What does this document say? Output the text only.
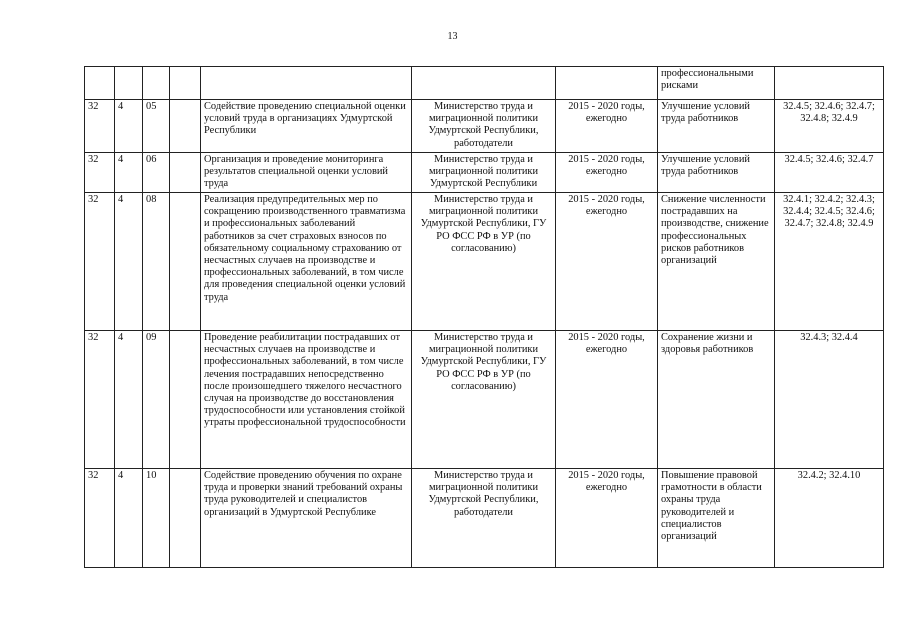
13
							профессиональными рисками	
32	4	05		Содействие проведению специальной оценки условий труда в организациях Удмуртской Республики	Министерство труда и миграционной политики Удмуртской Республики, работодатели	2015 - 2020 годы, ежегодно	Улучшение условий труда работников	32.4.5; 32.4.6; 32.4.7; 32.4.8; 32.4.9
32	4	06		Организация и проведение мониторинга результатов специальной оценки условий труда	Министерство труда и миграционной политики Удмуртской Республики	2015 - 2020 годы, ежегодно	Улучшение условий труда работников	32.4.5; 32.4.6; 32.4.7
32	4	08		Реализация предупредительных мер по сокращению производственного травматизма и профессиональных заболеваний работников за счет страховых взносов по обязательному социальному страхованию от несчастных случаев на производстве и профессиональных заболеваний, в том числе для проведения специальной оценки условий труда	Министерство труда и миграционной политики Удмуртской Республики, ГУ РО ФСС РФ в УР (по согласованию)	2015 - 2020 годы, ежегодно	Снижение численности пострадавших на производстве, снижение профессиональных рисков работников организаций	32.4.1; 32.4.2; 32.4.3; 32.4.4; 32.4.5; 32.4.6; 32.4.7; 32.4.8; 32.4.9
32	4	09		Проведение реабилитации пострадавших от несчастных случаев на производстве и профессиональных заболеваний, в том числе лечения пострадавших непосредственно после произошедшего тяжелого несчастного случая на производстве до восстановления трудоспособности или установления стойкой утраты профессиональной трудоспособности	Министерство труда и миграционной политики Удмуртской Республики, ГУ РО ФСС РФ в УР (по согласованию)	2015 - 2020 годы, ежегодно	Сохранение жизни и здоровья работников	32.4.3; 32.4.4
32	4	10		Содействие проведению обучения по охране труда и проверки знаний требований охраны труда руководителей и специалистов организаций в Удмуртской Республике	Министерство труда и миграционной политики Удмуртской Республики, работодатели	2015 - 2020 годы, ежегодно	Повышение правовой грамотности в области охраны труда руководителей и специалистов организаций	32.4.2; 32.4.10
